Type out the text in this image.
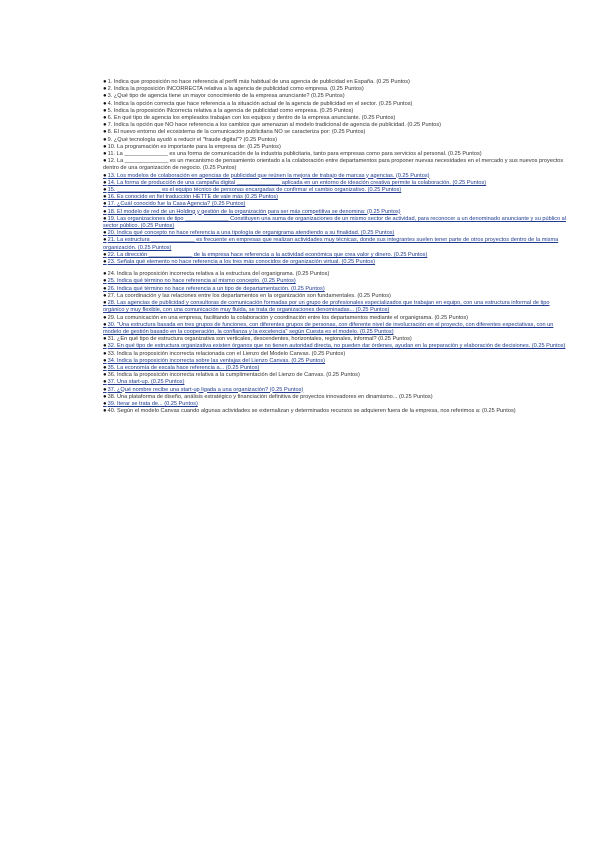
●1. Indica que proposición no hace referencia al perfil más habitual de una agencia de publicidad en España. (0.25 Puntos)
●2. Indica la proposición INCORRECTA relativa a la agencia de publicidad como empresa. (0.25 Puntos)
●3. ¿Qué tipo de agencia tiene un mayor conocimiento de la empresa anunciante? (0.25 Puntos)
●4. Indica la opción correcta que hace referencia a la situación actual de la agencia de publicidad en el sector. (0.25 Puntos)
●5. Indica la proposición INcorrecta relativa a la agencia de publicidad como empresa. (0.25 Puntos)
●6. En qué tipo de agencia los empleados trabajan con los equipos y dentro de la empresa anunciante. (0.25 Puntos)
●7. Indica la opción que NO hace referencia a los cambios que amenazan al modelo tradicional de agencia de publicidad. (0.25 Puntos)
●8. El nuevo entorno del ecosistema de la comunicación publicitaria NO se caracteriza por: (0.25 Puntos)
●9. ¿Qué tecnología ayudó a reducir el "fraude digital"? (0.25 Puntos)
●10. La programación es importante para la empresa de: (0.25 Puntos)
●11. La ______________ es una forma de comunicación de la industria publicitaria, tanto para empresas como para servicios al personal. (0.25 Puntos)
●12. La ______________ es un mecanismo de pensamiento orientado a la colaboración entre departamentos para proponer nuevas necesidades en el mercado y sus nuevos proyectos dentro de una organización de negocio. (0.25 Puntos)
●13. Los modelos de colaboración en agencias de publicidad que reúnen la mejora de trabajo de marcas y agencias. (0.25 Puntos)
●14. La forma de producción de una campaña digital ______________ aplicada en un entorno de ideación creativa permite la colaboración. (0.25 Puntos)
●15. ______________ es el equipo técnico de personas encargadas de confirmar el cambio organizativo. (0.25 Puntos)
●16. Es conocido en fiel traducción HETTE de vale más (0.25 Puntos)
●17. ¿Cuál conocido fue la Casa Agencia? (0.25 Puntos)
●18. El modelo de red de un Holding y gestión de la organización para ser más competitiva se denomina: (0.25 Puntos)
●19. Las organizaciones de tipo ______________ Constituyen una suma de organizaciones de un mismo sector de actividad, para reconocer a un denominado anunciante y su público al sector público. (0.25 Puntos)
●20. Indica qué concepto no hace referencia a una tipología de organigrama atendiendo a su finalidad. (0.25 Puntos)
●21. La estructura ______________ es frecuente en empresas que realizan actividades muy técnicas, donde sus integrantes suelen tener parte de otros proyectos dentro de la misma organización. (0.25 Puntos)
●22. La dirección ______________ de la empresa hace referencia a la actividad económica que crea valor y dinero. (0.25 Puntos)
●23. Señala qué elemento no hace referencia a los tres más conocidos de organización virtual. (0.25 Puntos)

●24. Indica la proposición incorrecta relativa a la estructura del organigrama. (0.25 Puntos)
●25. Indica qué término no hace referencia al mismo concepto. (0.25 Puntos)
●26. Indica qué término no hace referencia a un tipo de departamentación. (0.25 Puntos)
●27. La coordinación y las relaciones entre los departamentos en la organización son fundamentales. (0.25 Puntos)
●28. Las agencias de publicidad y consultoras de comunicación formadas por un grupo de profesionales especializados que trabajan en equipo, con una estructura informal de tipo orgánico y muy flexible, con una comunicación muy fluida, se trata de organizaciones denominadas... (0.25 Puntos)
●29. La comunicación en una empresa, facilitando la colaboración y coordinación entre los departamentos mediante el organigrama. (0.25 Puntos)
●30. "Una estructura basada en tres grupos de funciones, con diferentes grupos de personas, con diferente nivel de involucración en el proyecto, con diferentes expectativas, con un modelo de gestión basado en la cooperación, la confianza y la excelencia" según Cuesta es el modelo. (0.25 Puntos)
●31. ¿En qué tipo de estructura organizativa son verticales, descendentes, horizontales, regionales, informal? (0.25 Puntos)
●32. En qué tipo de estructura organizativa existen órganos que no tienen autoridad directa, no pueden dar órdenes, ayudan en la preparación y elaboración de decisiones. (0.25 Puntos)
●33. Indica la proposición incorrecta relacionada con el Lienzo del Modelo Canvas. (0.25 Puntos)
●34. Indica la proposición incorrecta sobre las ventajas del Lienzo Canvas. (0.25 Puntos)
●35. La economía de escala hace referencia a... (0.25 Puntos)
●36. Indica la proposición incorrecta relativa a la cumplimentación del Lienzo de Canvas. (0.25 Puntos)
●37. Una start-up. (0.25 Puntos)
●37. ¿Qué nombre recibe una start-up ligada a una organización? (0.25 Puntos)
●38. Una plataforma de diseño, análisis estratégico y financiación definitiva de proyectos innovadores en dinamismo... (0.25 Puntos)
●39. Iterar se trata de... (0.25 Puntos)
●40. Según el modelo Canvas cuando algunas actividades se externalizan y determinados recursos se adquieren fuera de la empresa, nos referimos a: (0.25 Puntos)
